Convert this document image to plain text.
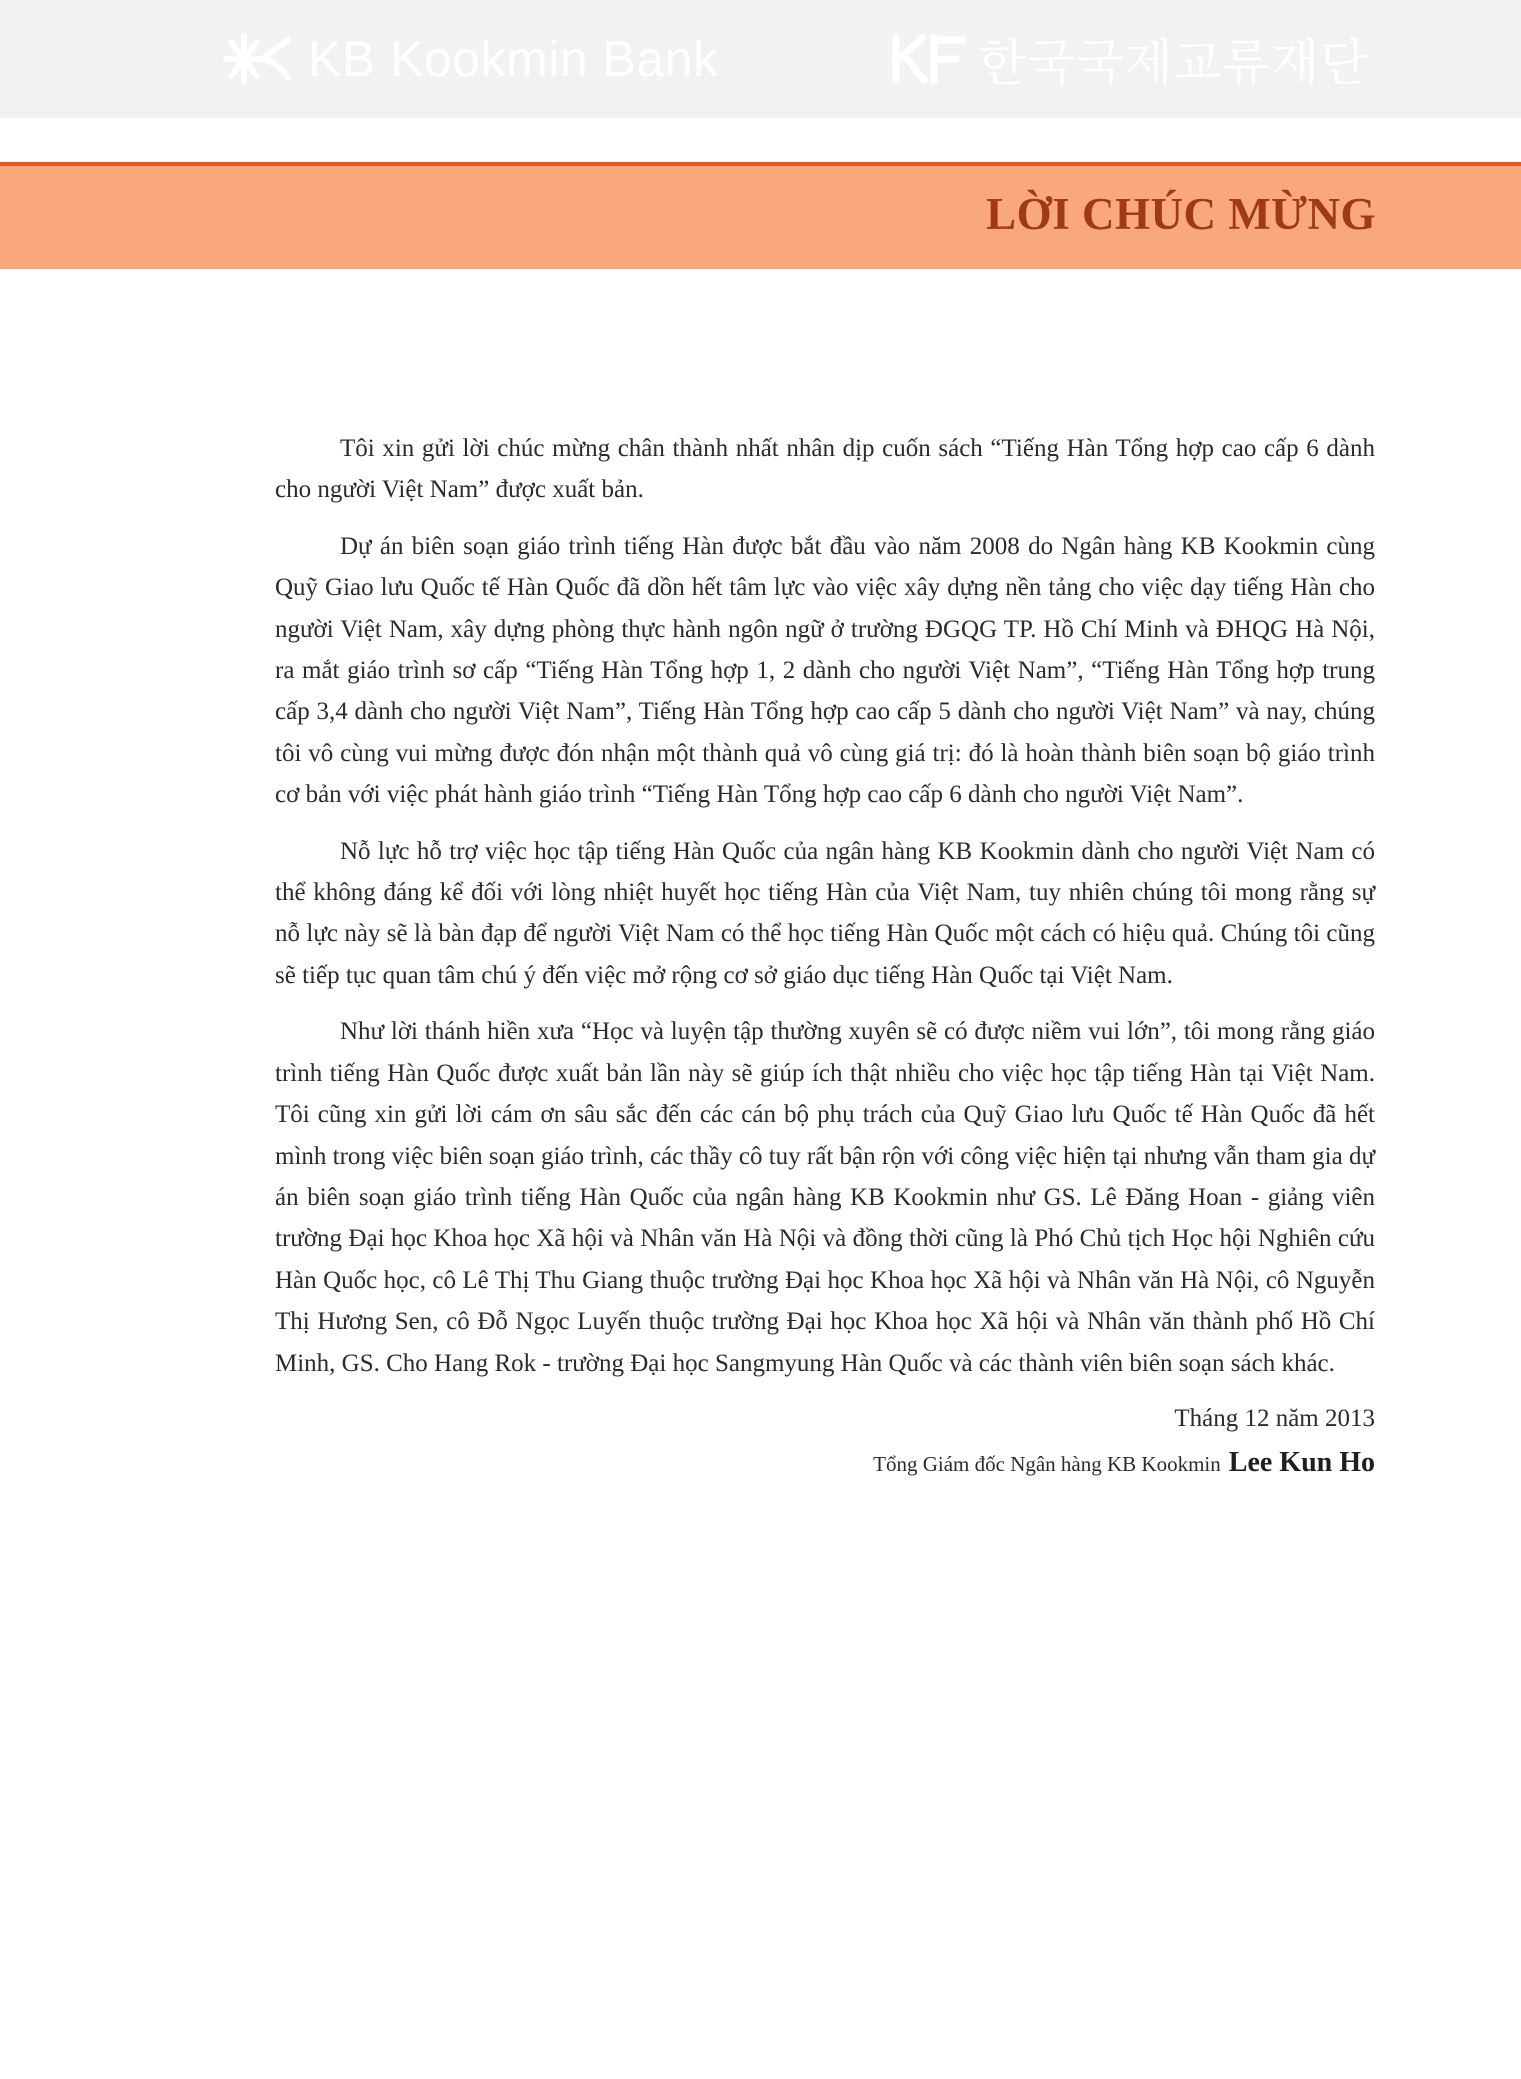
KB Kookmin Bank	한국국제교류재단
LỜI CHÚC MỪNG

Tôi xin gửi lời chúc mừng chân thành nhất nhân dịp cuốn sách “Tiếng Hàn Tổng hợp cao cấp 6 dành cho người Việt Nam” được xuất bản.

Dự án biên soạn giáo trình tiếng Hàn được bắt đầu vào năm 2008 do Ngân hàng KB Kookmin cùng Quỹ Giao lưu Quốc tế Hàn Quốc đã dồn hết tâm lực vào việc xây dựng nền tảng cho việc dạy tiếng Hàn cho người Việt Nam, xây dựng phòng thực hành ngôn ngữ ở trường ĐGQG TP. Hồ Chí Minh và ĐHQG Hà Nội, ra mắt giáo trình sơ cấp “Tiếng Hàn Tổng hợp 1, 2 dành cho người Việt Nam”, “Tiếng Hàn Tổng hợp trung cấp 3,4 dành cho người Việt Nam”, Tiếng Hàn Tổng hợp cao cấp 5 dành cho người Việt Nam” và nay, chúng tôi vô cùng vui mừng được đón nhận một thành quả vô cùng giá trị: đó là hoàn thành biên soạn bộ giáo trình cơ bản với việc phát hành giáo trình “Tiếng Hàn Tổng hợp cao cấp 6 dành cho người Việt Nam”.

Nỗ lực hỗ trợ việc học tập tiếng Hàn Quốc của ngân hàng KB Kookmin dành cho người Việt Nam có thể không đáng kể đối với lòng nhiệt huyết học tiếng Hàn của Việt Nam, tuy nhiên chúng tôi mong rằng sự nỗ lực này sẽ là bàn đạp để người Việt Nam có thể học tiếng Hàn Quốc một cách có hiệu quả. Chúng tôi cũng sẽ tiếp tục quan tâm chú ý đến việc mở rộng cơ sở giáo dục tiếng Hàn Quốc tại Việt Nam.

Như lời thánh hiền xưa “Học và luyện tập thường xuyên sẽ có được niềm vui lớn”, tôi mong rằng giáo trình tiếng Hàn Quốc được xuất bản lần này sẽ giúp ích thật nhiều cho việc học tập tiếng Hàn tại Việt Nam. Tôi cũng xin gửi lời cám ơn sâu sắc đến các cán bộ phụ trách của Quỹ Giao lưu Quốc tế Hàn Quốc đã hết mình trong việc biên soạn giáo trình, các thầy cô tuy rất bận rộn với công việc hiện tại nhưng vẫn tham gia dự án biên soạn giáo trình tiếng Hàn Quốc của ngân hàng KB Kookmin như GS. Lê Đăng Hoan - giảng viên trường Đại học Khoa học Xã hội và Nhân văn Hà Nội và đồng thời cũng là Phó Chủ tịch Học hội Nghiên cứu Hàn Quốc học, cô Lê Thị Thu Giang thuộc trường Đại học Khoa học Xã hội và Nhân văn Hà Nội, cô Nguyễn Thị Hương Sen, cô Đỗ Ngọc Luyến thuộc trường Đại học Khoa học Xã hội và Nhân văn thành phố Hồ Chí Minh, GS. Cho Hang Rok - trường Đại học Sangmyung Hàn Quốc và các thành viên biên soạn sách khác.

Tháng 12 năm 2013

Tổng Giám đốc Ngân hàng KB Kookmin Lee Kun Ho
